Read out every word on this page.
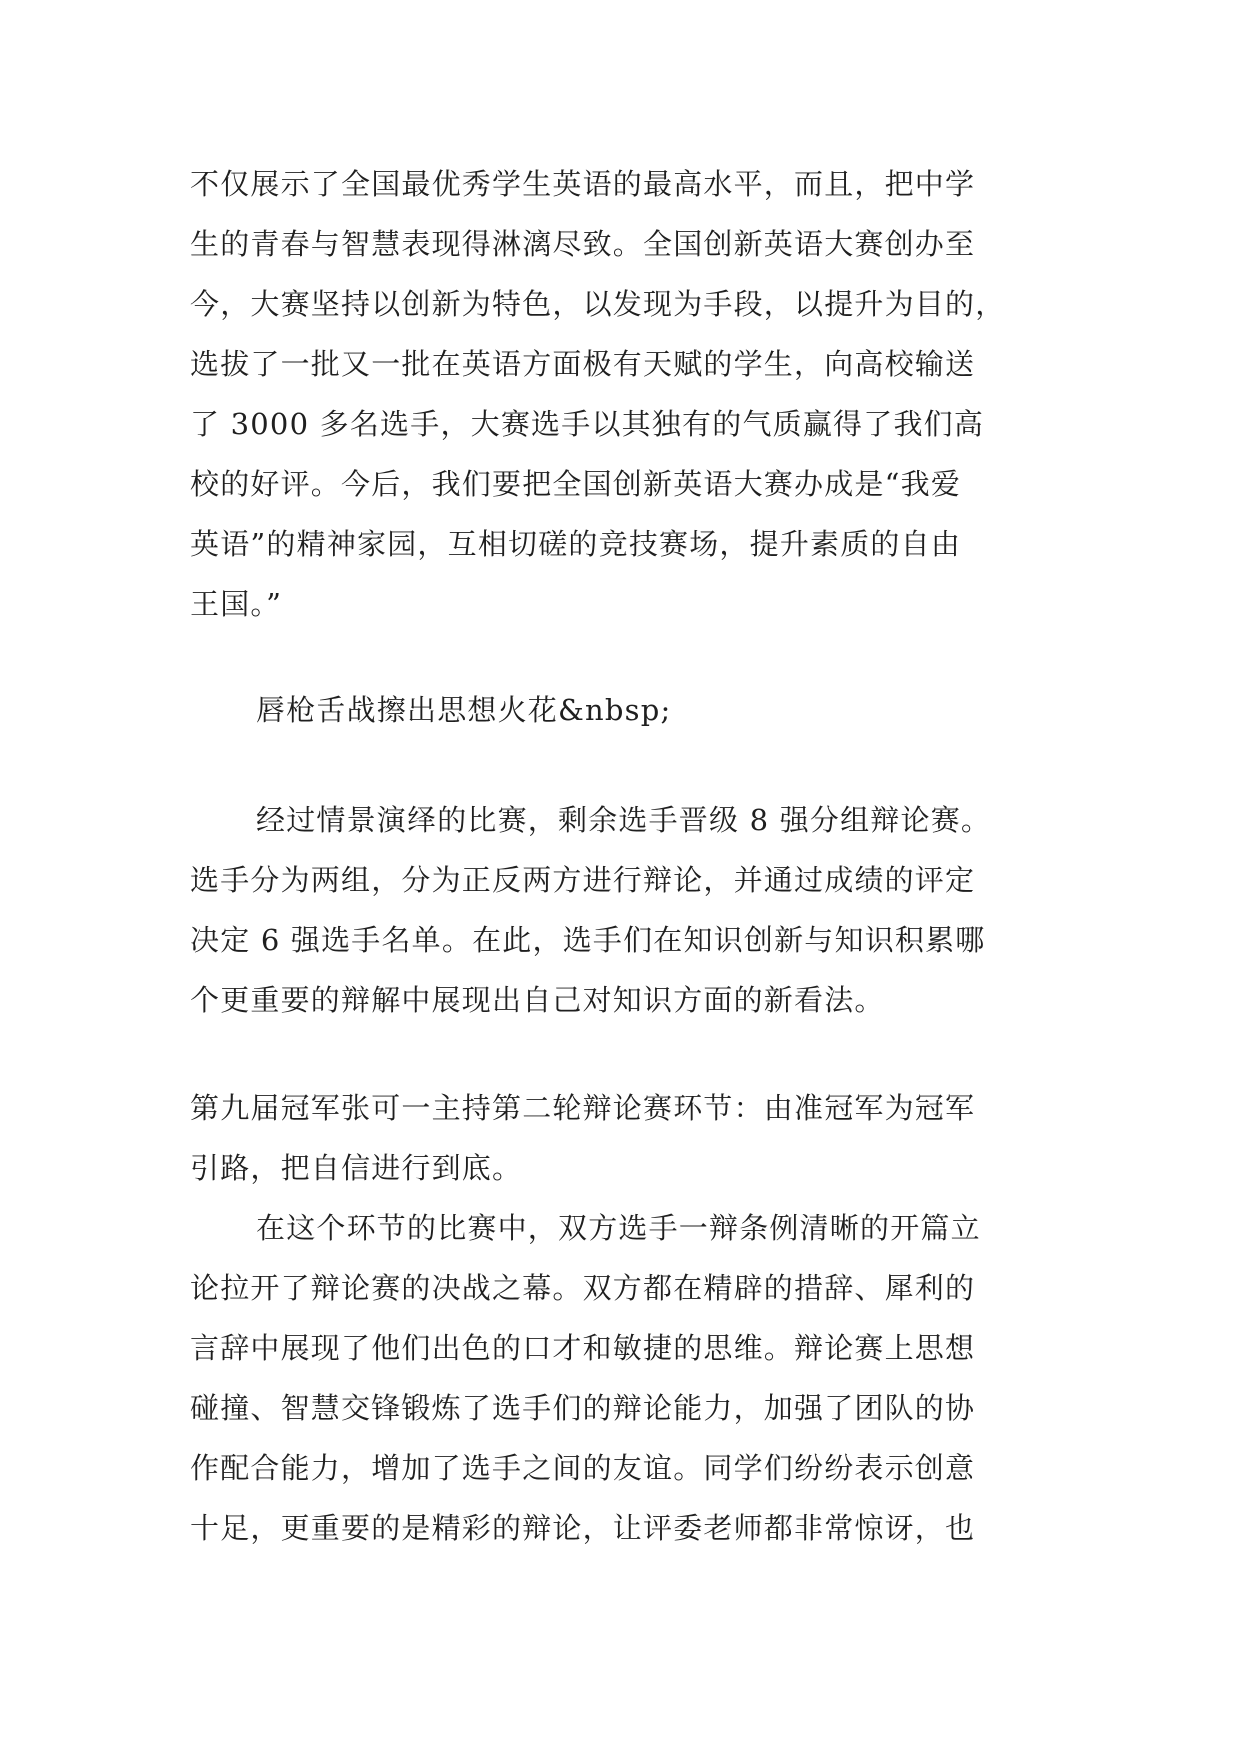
不仅展示了全国最优秀学生英语的最高水平，而且，把中学

生的青春与智慧表现得淋漓尽致。全国创新英语大赛创办至

今，大赛坚持以创新为特色，以发现为手段，以提升为目的，

选拔了一批又一批在英语方面极有天赋的学生，向高校输送

了 3000 多名选手，大赛选手以其独有的气质赢得了我们高

校的好评。今后，我们要把全国创新英语大赛办成是“我爱

英语”的精神家园，互相切磋的竞技赛场，提升素质的自由

王国。”

唇枪舌战擦出思想火花&nbsp;

经过情景演绎的比赛，剩余选手晋级 8 强分组辩论赛。

选手分为两组，分为正反两方进行辩论，并通过成绩的评定

决定 6 强选手名单。在此，选手们在知识创新与知识积累哪

个更重要的辩解中展现出自己对知识方面的新看法。

第九届冠军张可一主持第二轮辩论赛环节：由准冠军为冠军

引路，把自信进行到底。

在这个环节的比赛中，双方选手一辩条例清晰的开篇立

论拉开了辩论赛的决战之幕。双方都在精辟的措辞、犀利的

言辞中展现了他们出色的口才和敏捷的思维。辩论赛上思想

碰撞、智慧交锋锻炼了选手们的辩论能力，加强了团队的协

作配合能力，增加了选手之间的友谊。同学们纷纷表示创意

十足，更重要的是精彩的辩论，让评委老师都非常惊讶，也
